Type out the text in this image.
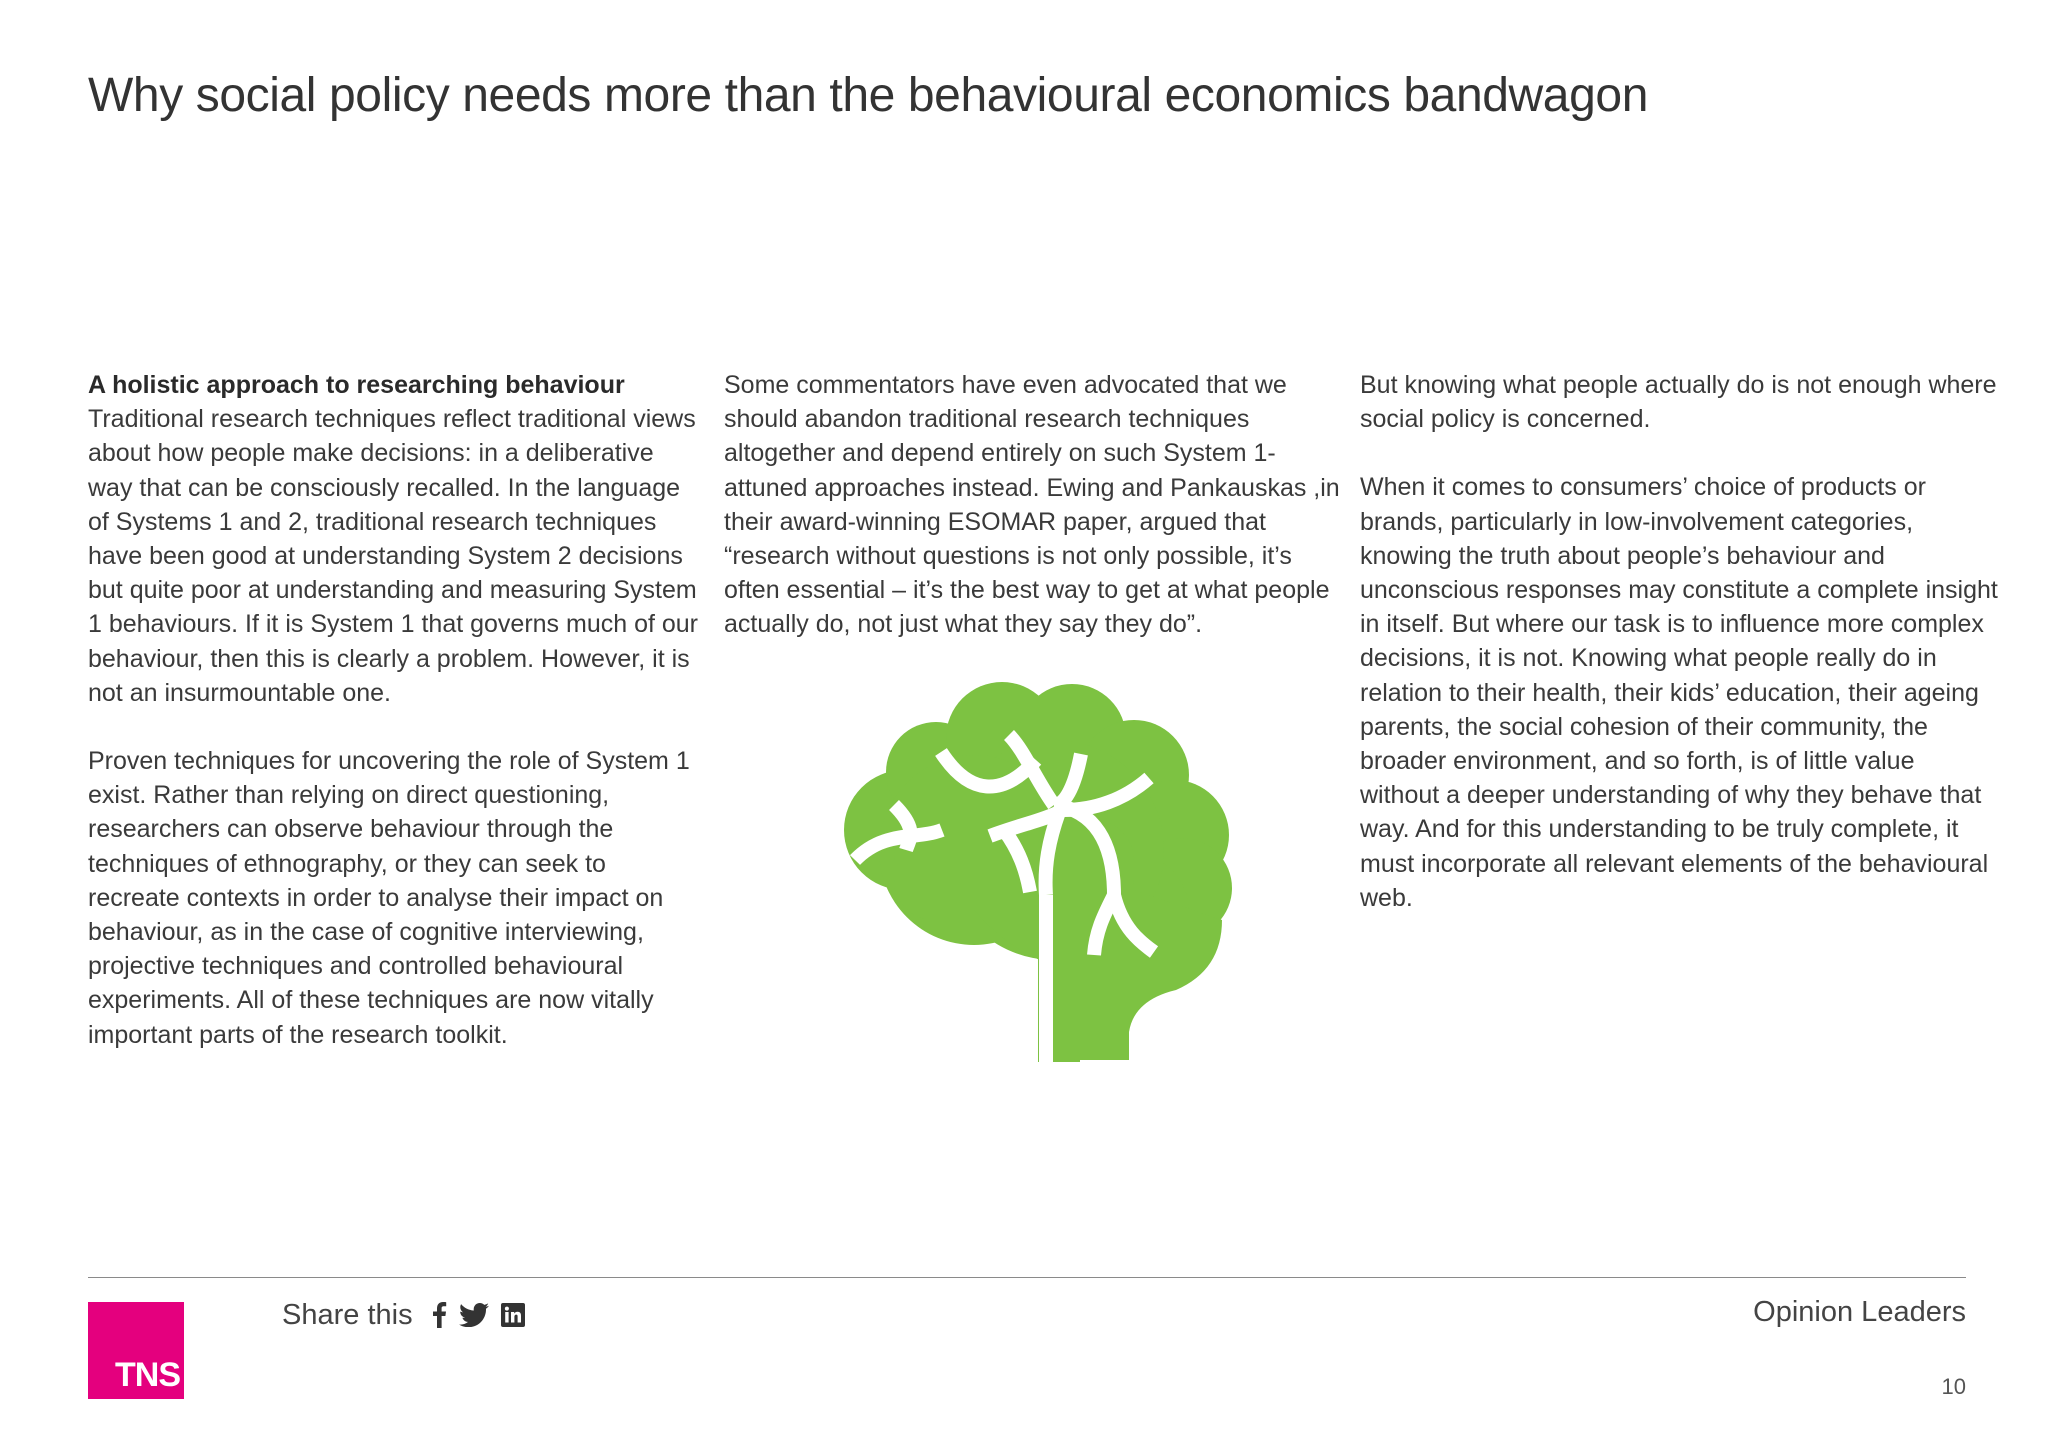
Why social policy needs more than the behavioural economics bandwagon

A holistic approach to researching behaviour
Traditional research techniques reflect traditional views about how people make decisions: in a deliberative way that can be consciously recalled. In the language of Systems 1 and 2, traditional research techniques have been good at understanding System 2 decisions but quite poor at understanding and measuring System 1 behaviours. If it is System 1 that governs much of our behaviour, then this is clearly a problem. However, it is not an insurmountable one.

Proven techniques for uncovering the role of System 1 exist. Rather than relying on direct questioning, researchers can observe behaviour through the techniques of ethnography, or they can seek to recreate contexts in order to analyse their impact on behaviour, as in the case of cognitive interviewing, projective techniques and controlled behavioural experiments. All of these techniques are now vitally important parts of the research toolkit.

Some commentators have even advocated that we should abandon traditional research techniques altogether and depend entirely on such System 1-attuned approaches instead. Ewing and Pankauskas ,in their award-winning ESOMAR paper, argued that “research without questions is not only possible, it’s often essential – it’s the best way to get at what people actually do, not just what they say they do”.

But knowing what people actually do is not enough where social policy is concerned.

When it comes to consumers’ choice of products or brands, particularly in low-involvement categories, knowing the truth about people’s behaviour and unconscious responses may constitute a complete insight in itself. But where our task is to influence more complex decisions, it is not. Knowing what people really do in relation to their health, their kids’ education, their ageing parents, the social cohesion of their community, the broader environment, and so forth, is of little value without a deeper understanding of why they behave that way. And for this understanding to be truly complete, it must incorporate all relevant elements of the behavioural web.

TNS
Share this	Opinion Leaders
10
